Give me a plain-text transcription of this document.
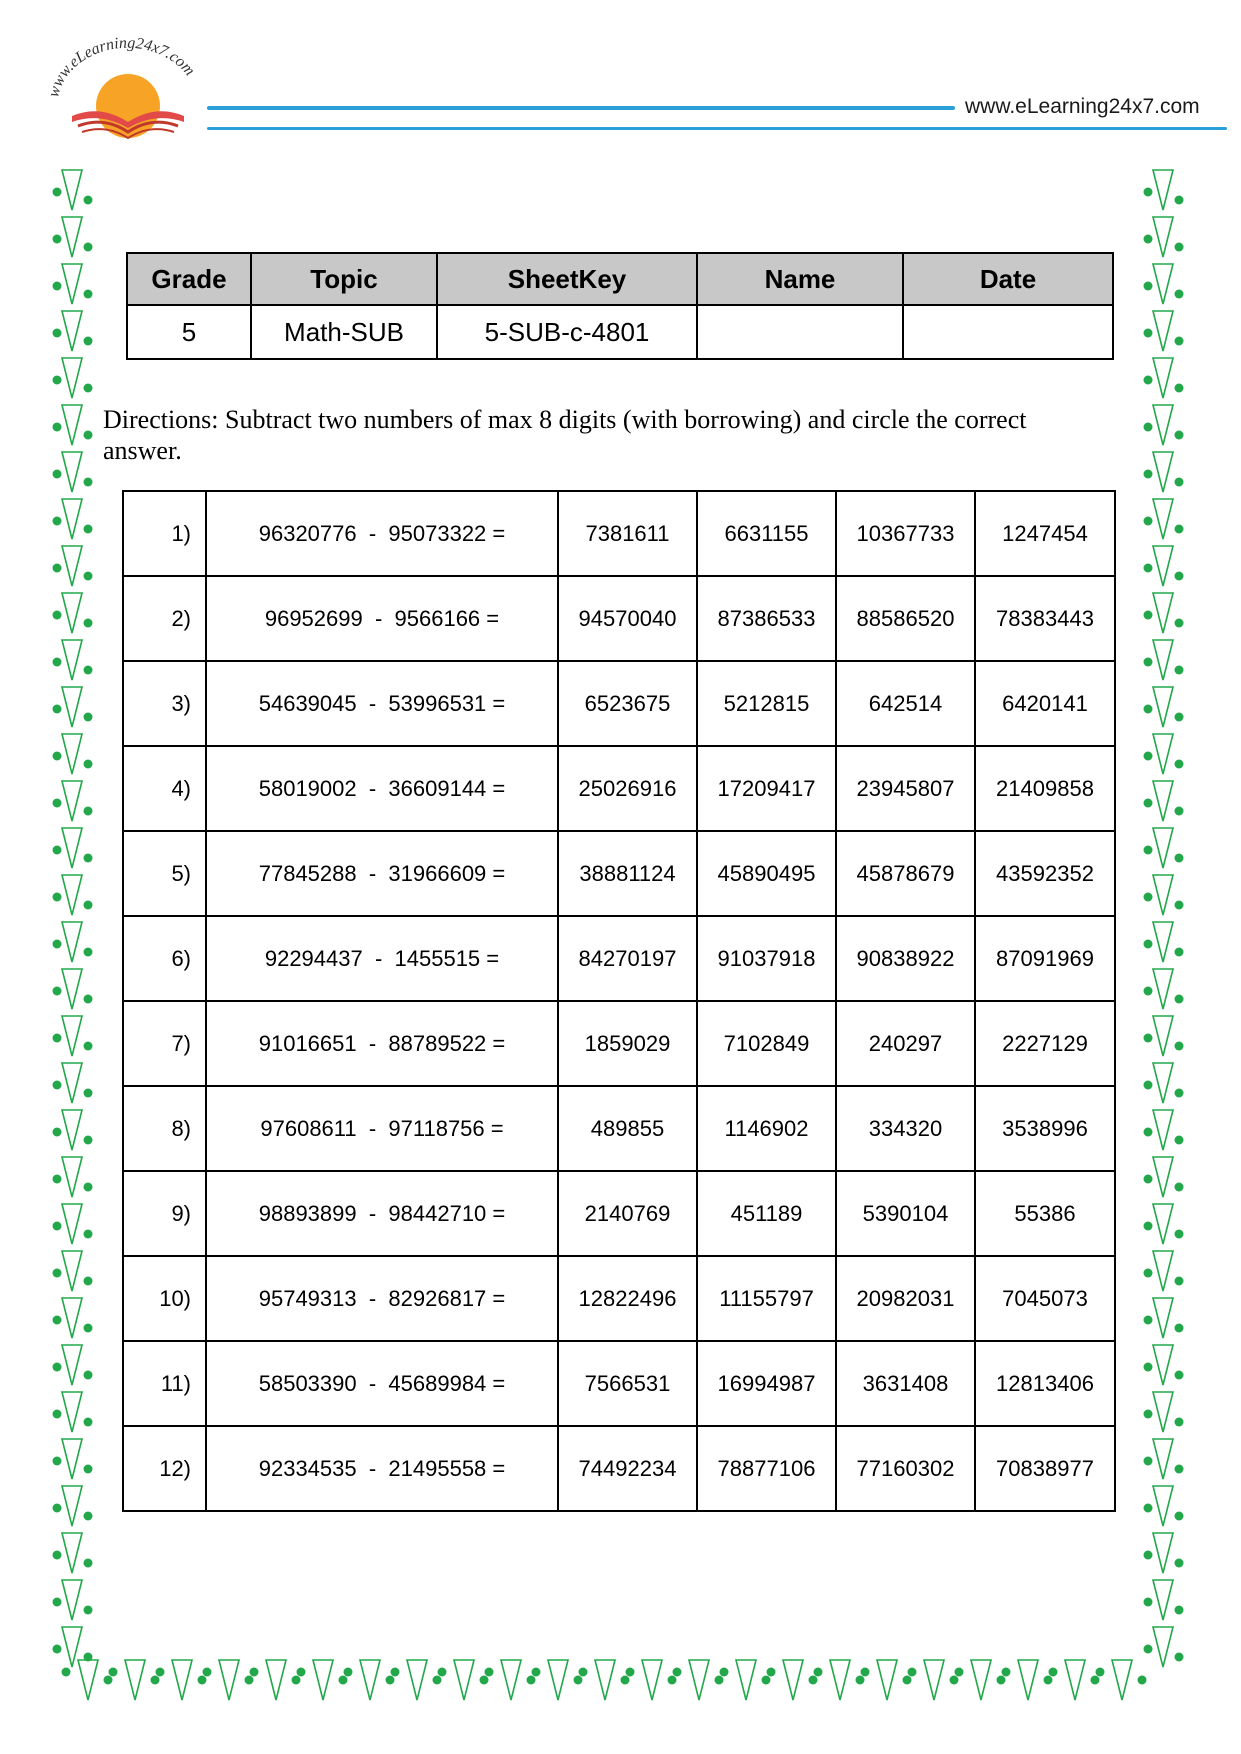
www.eLearning24x7.com
www.eLearning24x7.com
Grade	Topic	SheetKey	Name	Date
5	Math-SUB	5-SUB-c-4801		
Directions: Subtract two numbers of max 8 digits (with borrowing) and circle the correct answer.
1)	96320776  -  95073322 =	7381611	6631155	10367733	1247454
2)	96952699  -  9566166 =	94570040	87386533	88586520	78383443
3)	54639045  -  53996531 =	6523675	5212815	642514	6420141
4)	58019002  -  36609144 =	25026916	17209417	23945807	21409858
5)	77845288  -  31966609 =	38881124	45890495	45878679	43592352
6)	92294437  -  1455515 =	84270197	91037918	90838922	87091969
7)	91016651  -  88789522 =	1859029	7102849	240297	2227129
8)	97608611  -  97118756 =	489855	1146902	334320	3538996
9)	98893899  -  98442710 =	2140769	451189	5390104	55386
10)	95749313  -  82926817 =	12822496	11155797	20982031	7045073
11)	58503390  -  45689984 =	7566531	16994987	3631408	12813406
12)	92334535  -  21495558 =	74492234	78877106	77160302	70838977
